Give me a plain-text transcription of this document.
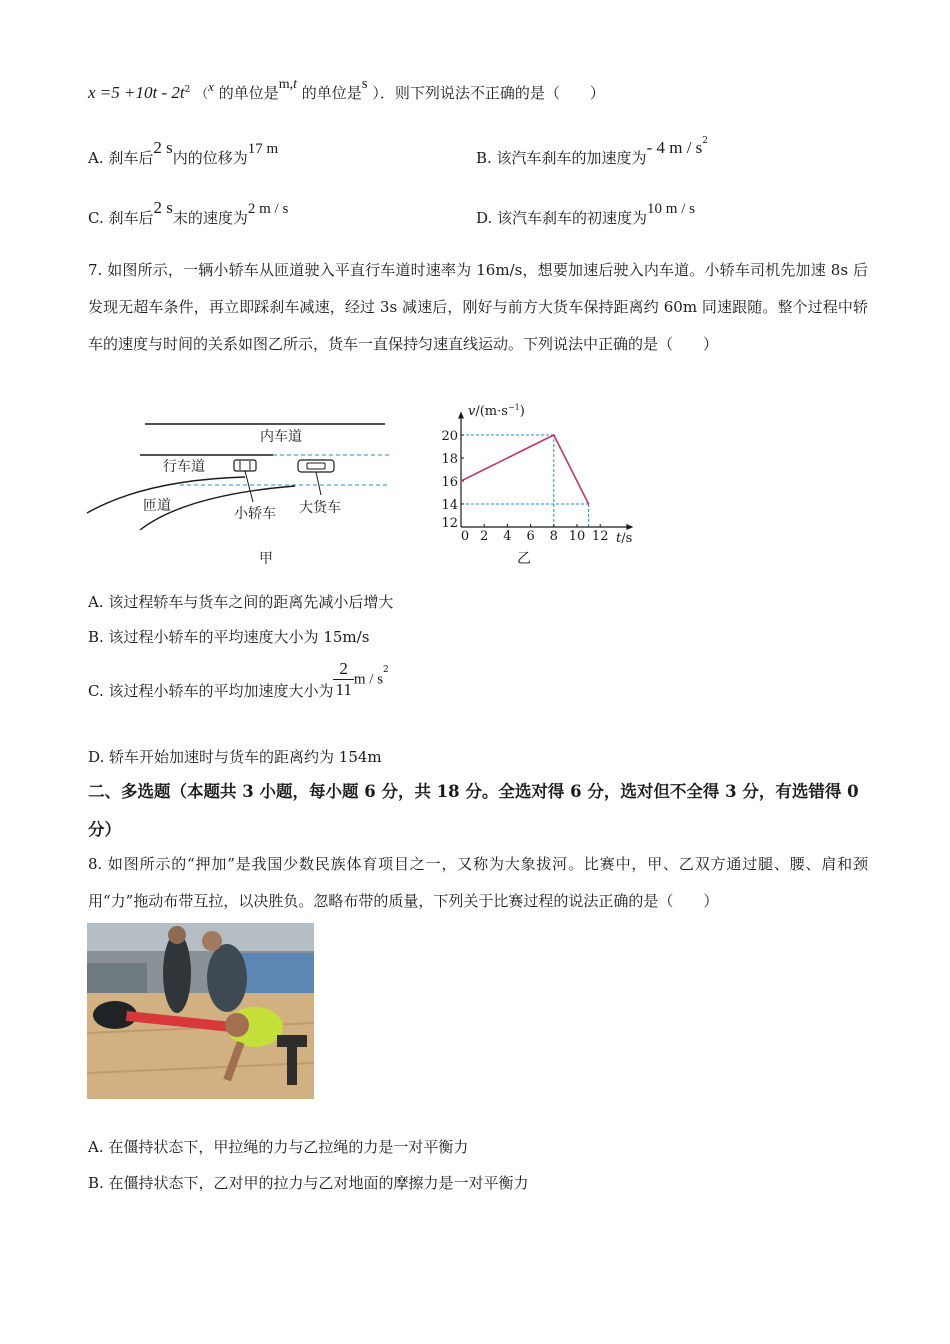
$x =5 +10t - 2t^2$ （x 的单位是m,t 的单位是s ）．则下列说法不正确的是（　　）
A. 刹车后2 s内的位移为17 m	B. 该汽车刹车的加速度为- 4 m / $s^2$
C. 刹车后2 s末的速度为2 m / s	D. 该汽车刹车的初速度为10 m / s
7. 如图所示，一辆小轿车从匝道驶入平直行车道时速率为 16m/s，想要加速后驶入内车道。小轿车司机先加速 8s 后发现无超车条件，再立即踩刹车减速，经过 3s 减速后，刚好与前方大货车保持距离约 60m 同速跟随。整个过程中轿车的速度与时间的关系如图乙所示，货车一直保持匀速直线运动。下列说法中正确的是（　　）
内车道
行车道
匝道	小轿车 大货车
甲
0 2 4 6 8 10 12
12
14
16
18
20
$v/(m\cdot s^{-1})$
t/s
乙
A. 该过程轿车与货车之间的距离先减小后增大
B. 该过程小轿车的平均速度大小为 15m/s
C. 该过程小轿车的平均加速度大小为 $\frac{2}{11}$ m / $s^2$
D. 轿车开始加速时与货车的距离约为 154m
二、多选题（本题共 3 小题，每小题 6 分，共 18 分。全选对得 6 分，选对但不全得 3 分，有选错得 0 分）
8. 如图所示的“押加”是我国少数民族体育项目之一，又称为大象拔河。比赛中，甲、乙双方通过腿、腰、肩和颈用“力”拖动布带互拉，以决胜负。忽略布带的质量，下列关于比赛过程的说法正确的是（　　）
A. 在僵持状态下，甲拉绳的力与乙拉绳的力是一对平衡力
B. 在僵持状态下，乙对甲的拉力与乙对地面的摩擦力是一对平衡力
